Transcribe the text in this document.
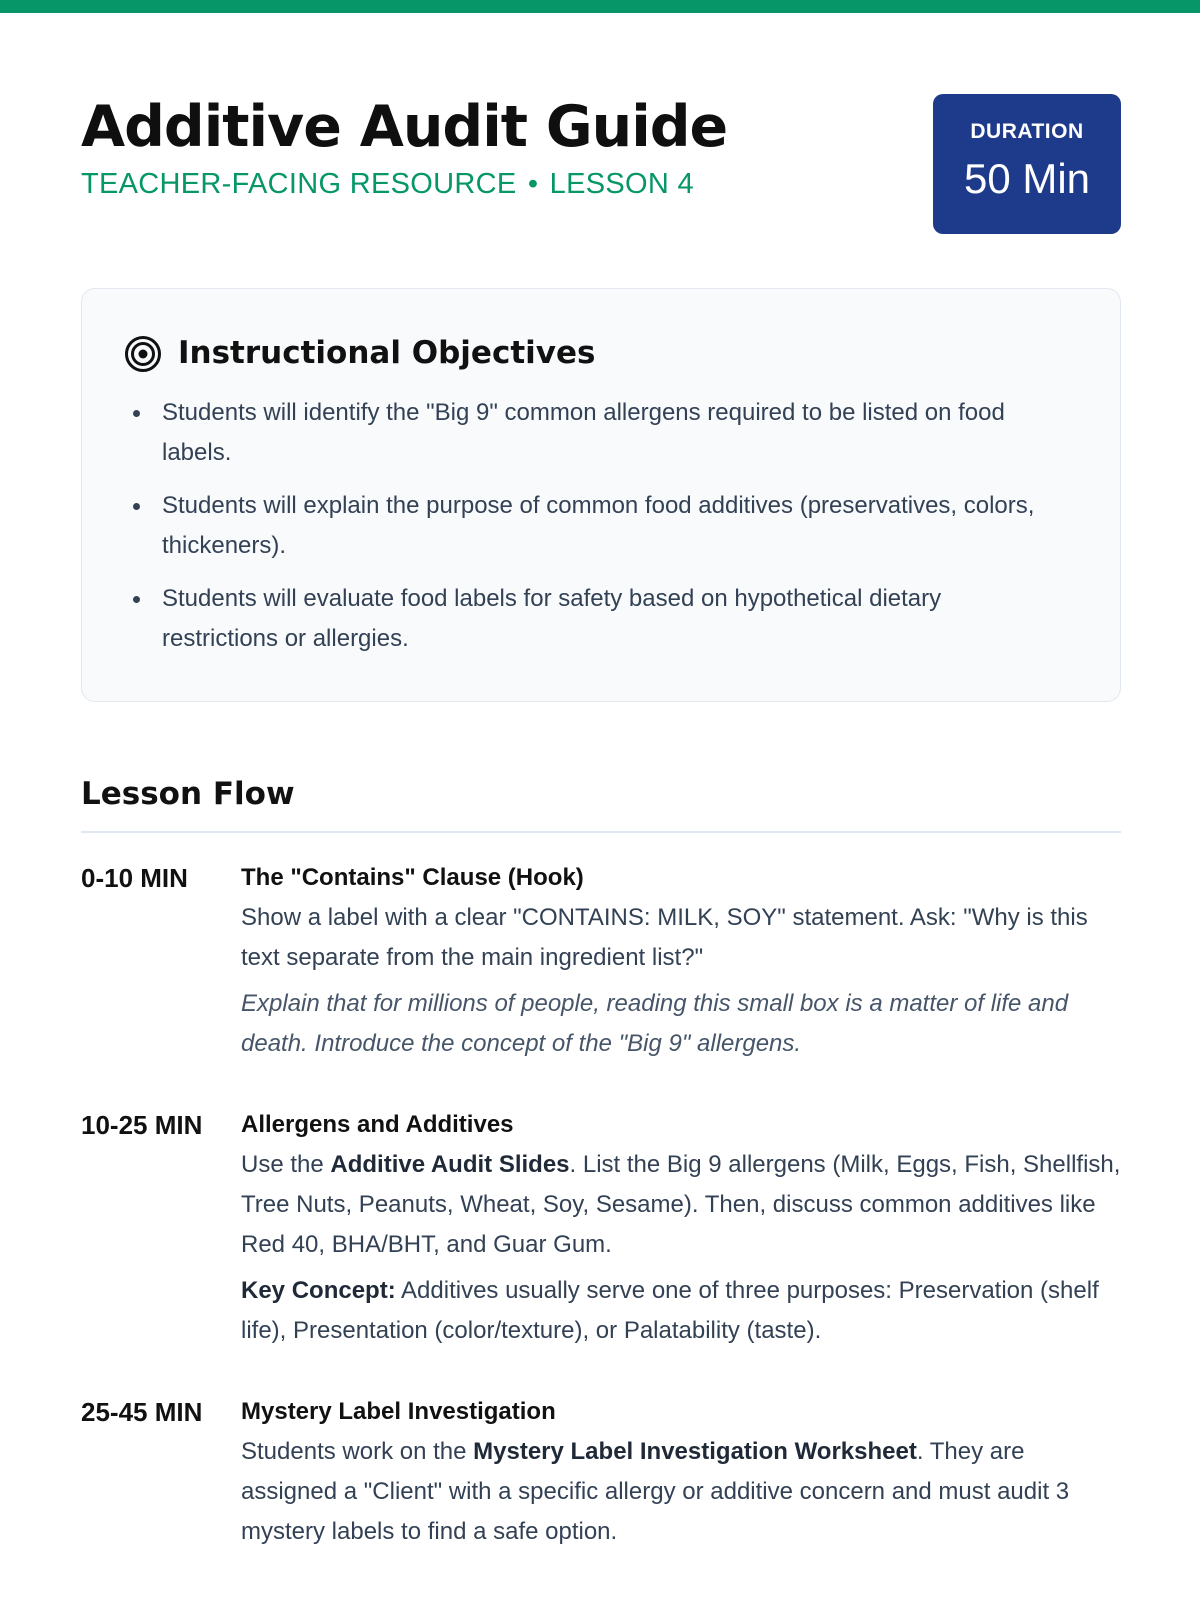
Additive Audit Guide
TEACHER-FACING RESOURCE • LESSON 4
DURATION
50 Min
Instructional Objectives
Students will identify the "Big 9" common allergens required to be listed on food labels.
Students will explain the purpose of common food additives (preservatives, colors, thickeners).
Students will evaluate food labels for safety based on hypothetical dietary restrictions or allergies.
Lesson Flow
0-10 MIN	The "Contains" Clause (Hook)
Show a label with a clear "CONTAINS: MILK, SOY" statement. Ask: "Why is this text separate from the main ingredient list?"
Explain that for millions of people, reading this small box is a matter of life and death. Introduce the concept of the "Big 9" allergens.
10-25 MIN	Allergens and Additives
Use the Additive Audit Slides. List the Big 9 allergens (Milk, Eggs, Fish, Shellfish, Tree Nuts, Peanuts, Wheat, Soy, Sesame). Then, discuss common additives like Red 40, BHA/BHT, and Guar Gum.
Key Concept: Additives usually serve one of three purposes: Preservation (shelf life), Presentation (color/texture), or Palatability (taste).
25-45 MIN	Mystery Label Investigation
Students work on the Mystery Label Investigation Worksheet. They are assigned a "Client" with a specific allergy or additive concern and must audit 3 mystery labels to find a safe option.
